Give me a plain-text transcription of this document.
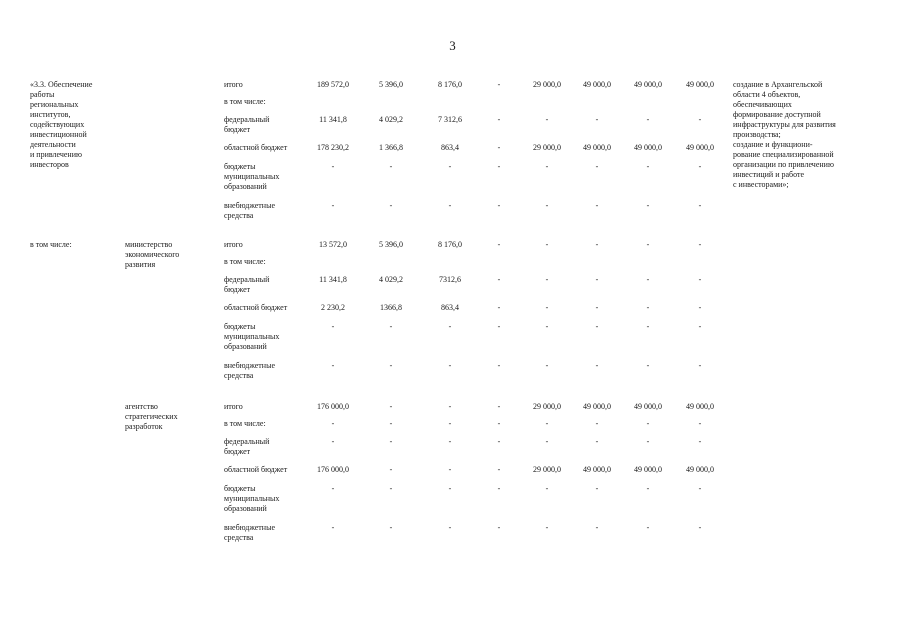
3
«3.3. Обеспечение
работы
региональных
институтов,
содействующих
инвестиционной
деятельности
и привлечению
инвесторов
в том числе:
создание в Архангельской
области 4 объектов,
обеспечивающих
формирование доступной
инфраструктуры для развития
производства;
создание и функциони-
рование специализированной
организации по привлечению
инвестиций и работе
с инвесторами»;
итого	189 572,0	5 396,0	8 176,0	-	29 000,0	49 000,0	49 000,0	49 000,0
в том числе:
федеральный
бюджет
11 341,8	4 029,2	7 312,6	-	-	-	-	-
областной бюджет	178 230,2	1 366,8	863,4	-	29 000,0	49 000,0	49 000,0	49 000,0
бюджеты
муниципальных
образований
-	-	-	-	-	-	-	-
внебюджетные
средства
-	-	-	-	-	-	-	-
министерство
экономического
развития
итого	13 572,0	5 396,0	8 176,0	-	-	-	-	-
в том числе:
федеральный
бюджет
11 341,8	4 029,2	7312,6	-	-	-	-	-
областной бюджет	2 230,2	1366,8	863,4	-	-	-	-	-
бюджеты
муниципальных
образований
-	-	-	-	-	-	-	-
внебюджетные
средства
-	-	-	-	-	-	-	-
агентство
стратегических
разработок
итого	176 000,0	-	-	-	29 000,0	49 000,0	49 000,0	49 000,0
в том числе:	-	-	-	-	-	-	-	-
федеральный
бюджет
-	-	-	-	-	-	-	-
областной бюджет	176 000,0	-	-	-	29 000,0	49 000,0	49 000,0	49 000,0
бюджеты
муниципальных
образований
-	-	-	-	-	-	-	-
внебюджетные
средства
-	-	-	-	-	-	-	-
